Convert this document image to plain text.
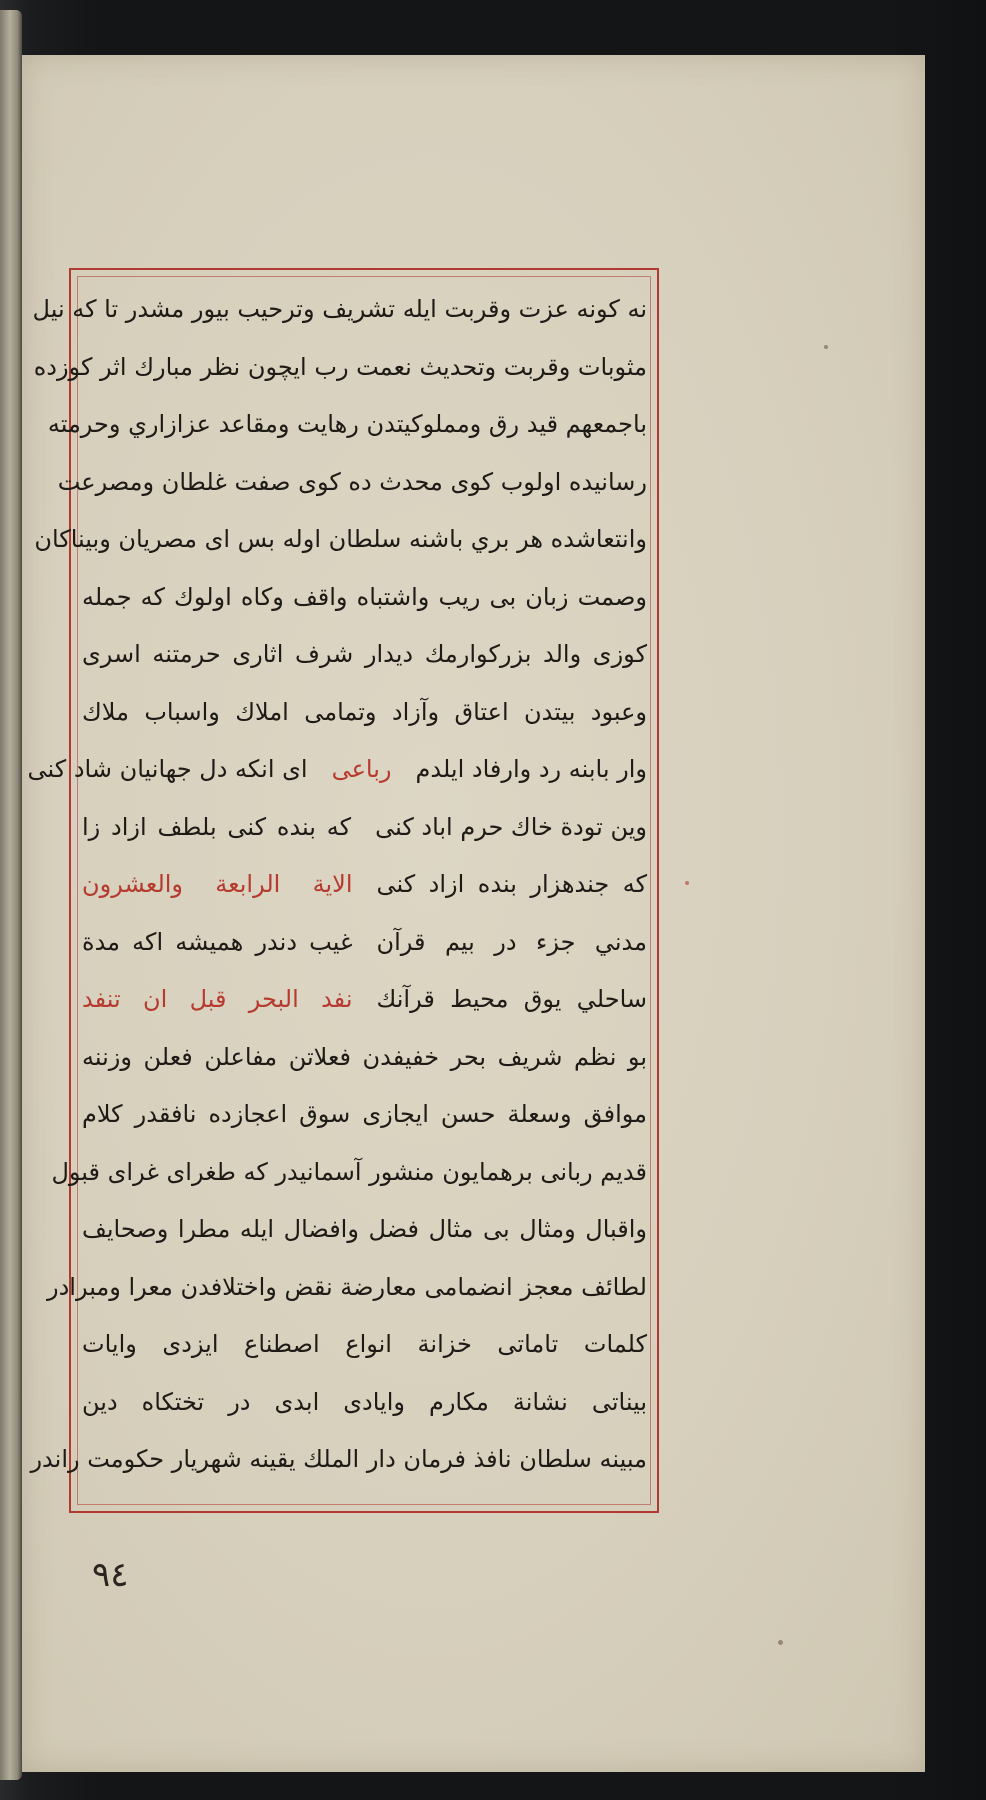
نه كونه عزت وقربت ايله تشريف وترحيب بيور مشدر تا كه نيل
مثوبات وقربت وتحديث نعمت رب ايچون نظر مبارك اثر كوزده
باجمعهم قيد رق ومملوكيتدن رهايت ومقاعد عزازاري وحرمته
رسانيده اولوب كوى محدث ده كوى صفت غلطان ومصرعت
وانتعاشده هر بري باشنه سلطان اوله بس اى مصريان وبيناكان
وصمت زبان بى ريب واشتباه واقف وكاه اولوك كه جمله
كوزى والد بزركوارمك ديدار شرف اثارى حرمتنه اسرى
وعبود بيتدن اعتاق وآزاد وتمامى املاك واسباب ملاك
وار بابنه رد وارفاد ايلدم
رباعى
اى انكه دل جهانيان شاد كنى
وين تودة خاك حرم اباد كنى
كه بنده كنى بلطف ازاد زا
كه جندهزار بنده ازاد كنى
الاية الرابعة والعشرون
مدني جزء در بيم قرآن
غيب دندر هميشه اكه مدة
ساحلي يوق محيط قرآنك
نفد البحر قبل ان تنفد
بو نظم شريف بحر خفيفدن فعلاتن مفاعلن فعلن وزننه
موافق وسعلة حسن ايجازى سوق اعجازده نافقدر كلام
قديم ربانى برهمايون منشور آسمانيدر كه طغراى غراى قبول
واقبال ومثال بى مثال فضل وافضال ايله مطرا وصحايف
لطائف معجز انضمامى معارضة نقض واختلافدن معرا ومبرادر
كلمات تاماتى خزانة انواع اصطناع ايزدى وايات
بيناتى نشانة مكارم وايادى ابدى در تختكاه دين
مبينه سلطان نافذ فرمان دار الملك يقينه شهريار حكومت راندر
٩٤
